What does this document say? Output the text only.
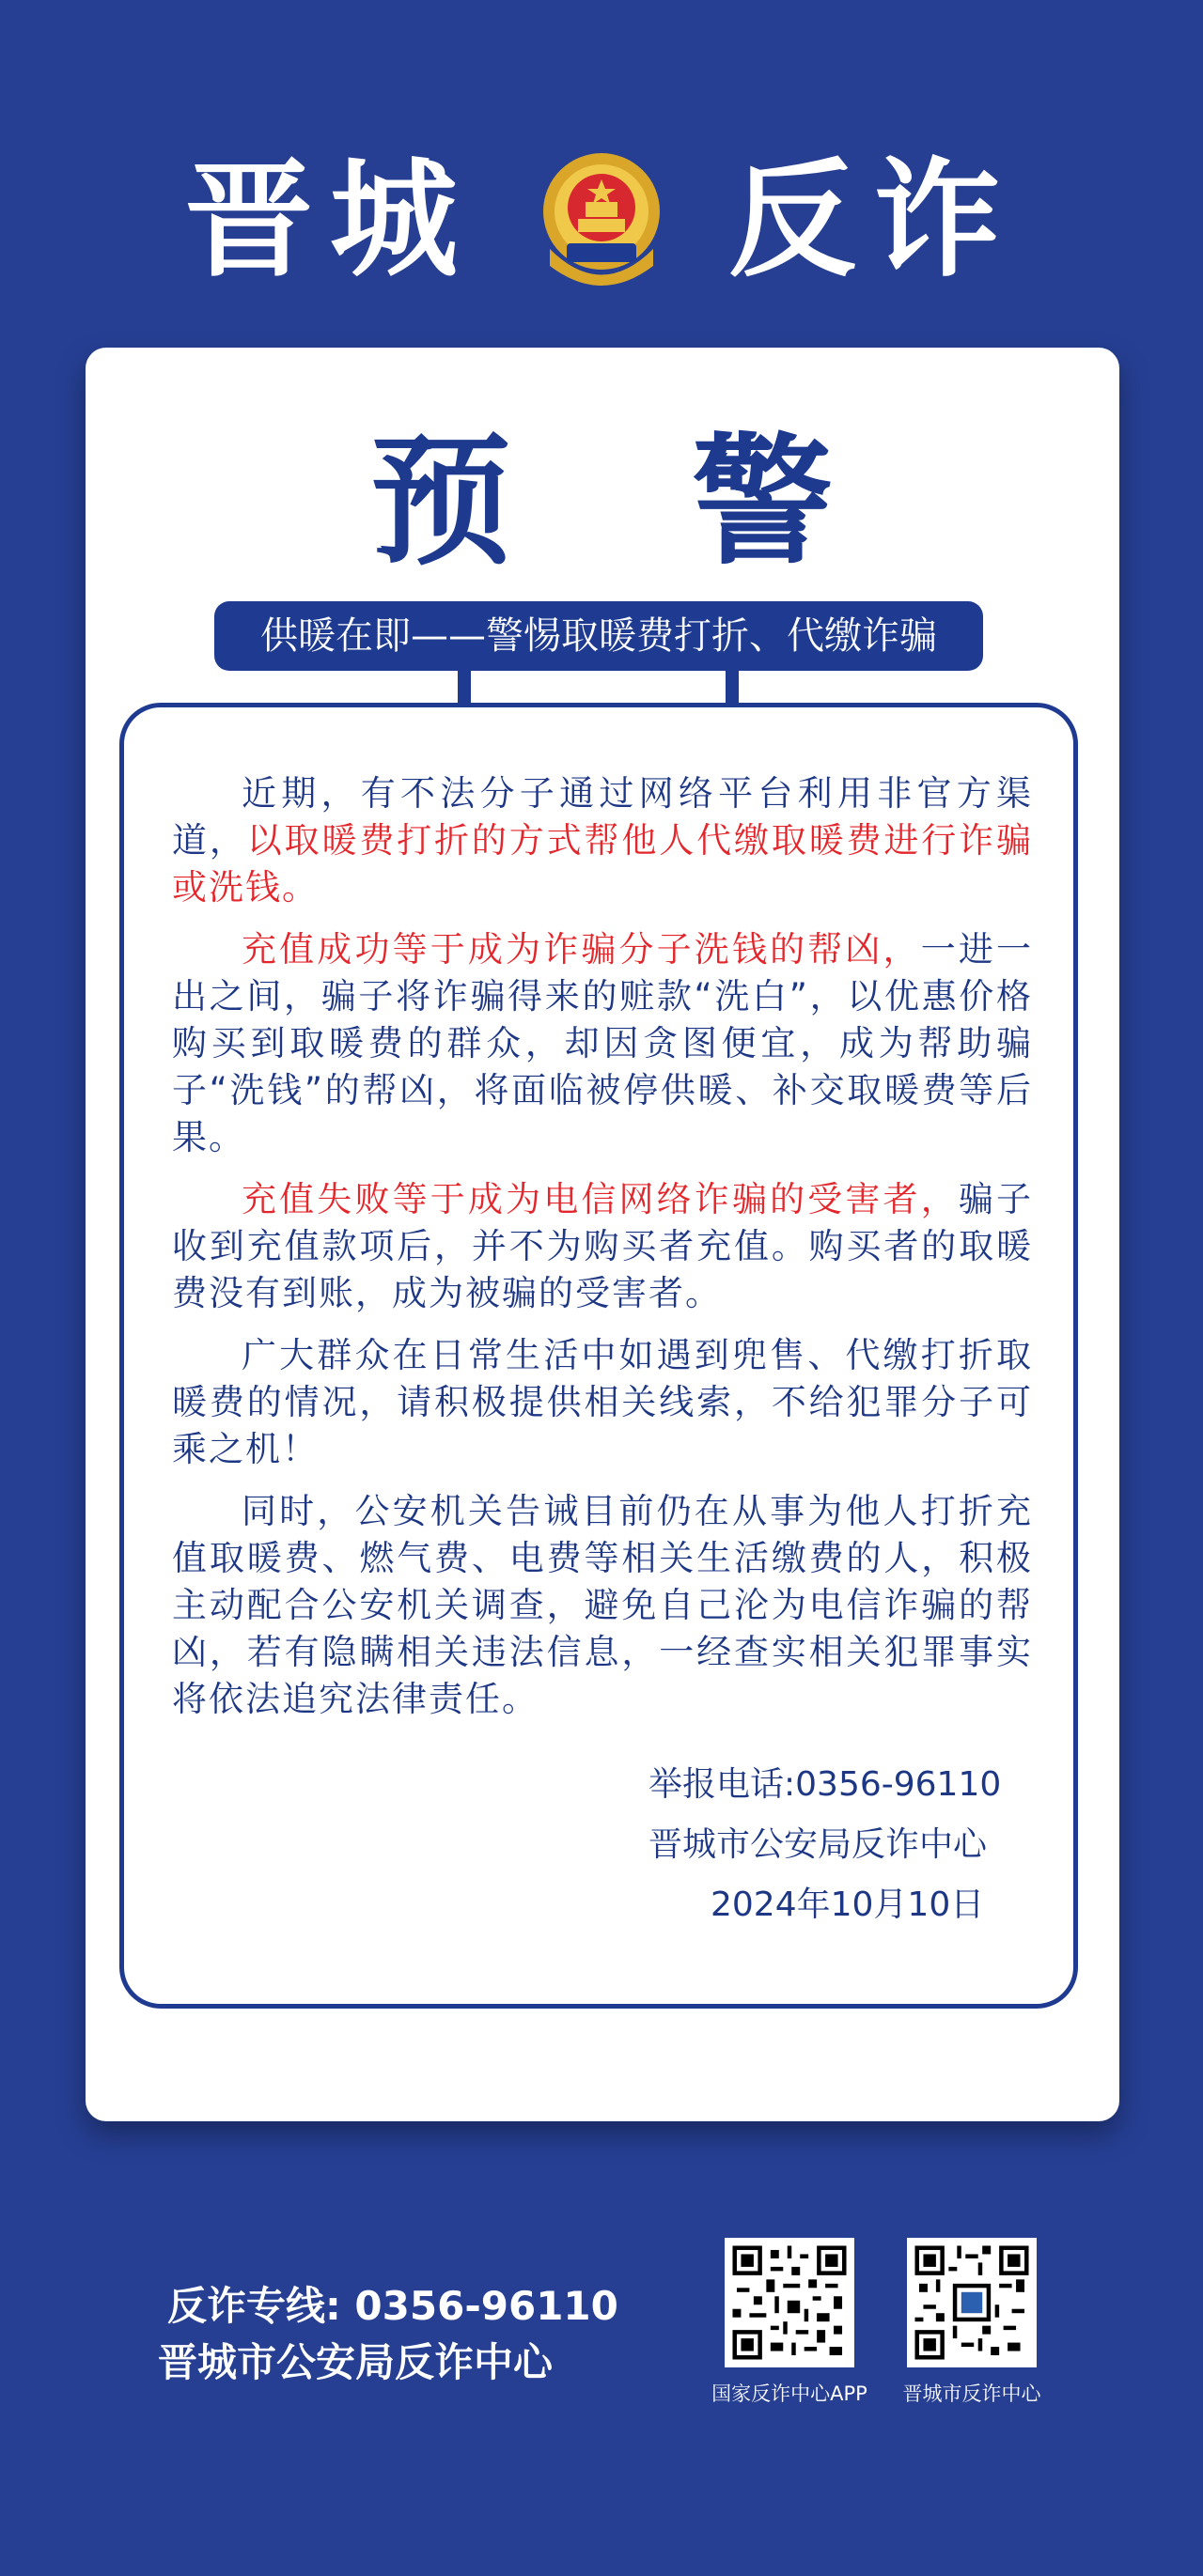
晋城 反诈
预 警
供暖在即——警惕取暖费打折、代缴诈骗

近期，有不法分子通过网络平台利用非官方渠道，以取暖费打折的方式帮他人代缴取暖费进行诈骗或洗钱。

充值成功等于成为诈骗分子洗钱的帮凶，一进一出之间，骗子将诈骗得来的赃款“洗白”，以优惠价格购买到取暖费的群众，却因贪图便宜，成为帮助骗子“洗钱”的帮凶，将面临被停供暖、补交取暖费等后果。

充值失败等于成为电信网络诈骗的受害者，骗子收到充值款项后，并不为购买者充值。购买者的取暖费没有到账，成为被骗的受害者。

广大群众在日常生活中如遇到兜售、代缴打折取暖费的情况，请积极提供相关线索，不给犯罪分子可乘之机！

同时，公安机关告诫目前仍在从事为他人打折充值取暖费、燃气费、电费等相关生活缴费的人，积极主动配合公安机关调查，避免自己沦为电信诈骗的帮凶，若有隐瞒相关违法信息，一经查实相关犯罪事实将依法追究法律责任。

举报电话:0356-96110
晋城市公安局反诈中心
2024年10月10日
反诈专线: 0356-96110
晋城市公安局反诈中心
国家反诈中心APP	晋城市反诈中心
